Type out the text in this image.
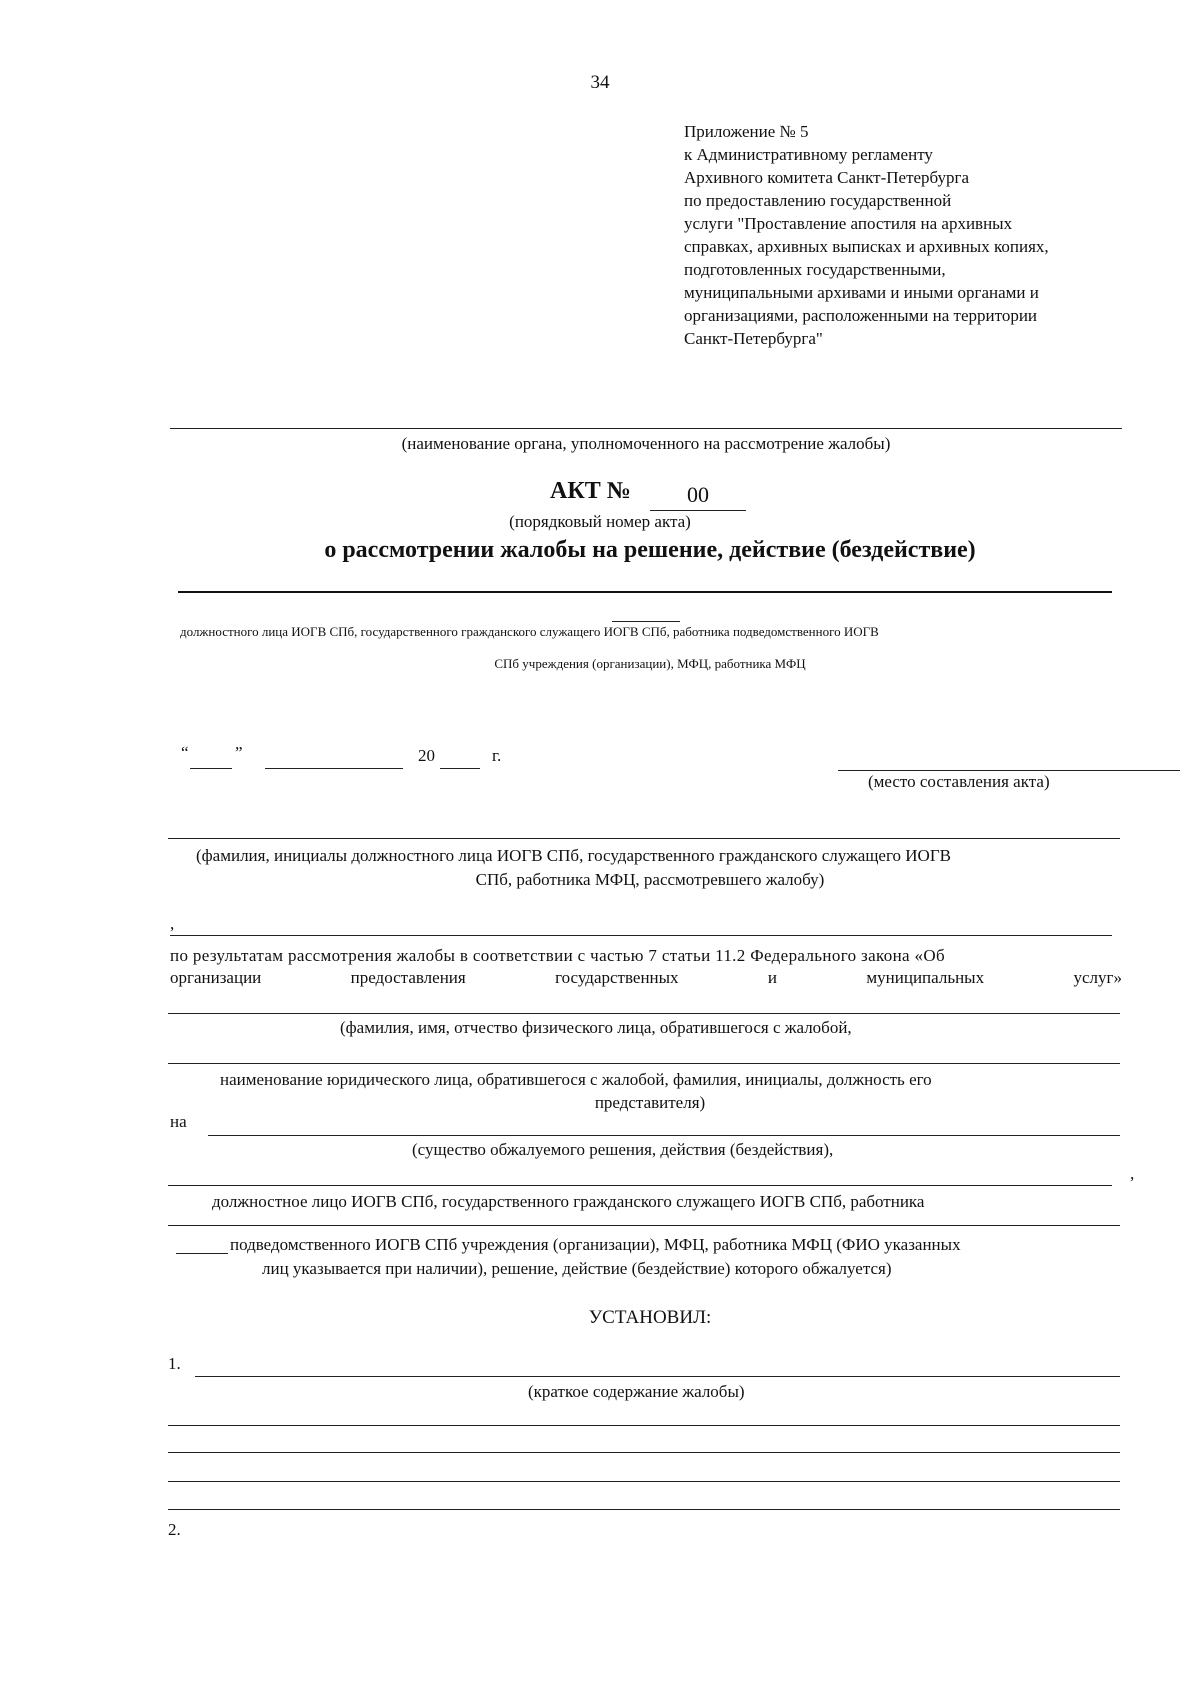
34
Приложение № 5
к Административному регламенту
Архивного комитета Санкт-Петербурга
по предоставлению государственной
услуги "Проставление апостиля на архивных
справках, архивных выписках и архивных копиях,
подготовленных государственными,
муниципальными архивами и иными органами и
организациями, расположенными на территории
Санкт-Петербурга"
(наименование органа, уполномоченного на рассмотрение жалобы)
АКТ №	00
(порядковый номер акта)
о рассмотрении жалобы на решение, действие (бездействие)
должностного лица ИОГВ СПб, государственного гражданского служащего ИОГВ СПб, работника подведомственного ИОГВ
СПб учреждения (организации), МФЦ, работника МФЦ
“	”	20	г.
(место составления акта)
(фамилия, инициалы должностного лица ИОГВ СПб, государственного гражданского служащего ИОГВ
СПб, работника МФЦ, рассмотревшего жалобу)
,
по результатам рассмотрения жалобы в соответствии с частью 7 статьи 11.2 Федерального закона «Об
организации	предоставления	государственных	и	муниципальных	услуг»
(фамилия, имя, отчество физического лица, обратившегося с жалобой,
наименование юридического лица, обратившегося с жалобой, фамилия, инициалы, должность его
представителя)
на
(существо обжалуемого решения, действия (бездействия),
,
должностное лицо ИОГВ СПб, государственного гражданского служащего ИОГВ СПб, работника
подведомственного ИОГВ СПб учреждения (организации), МФЦ, работника МФЦ (ФИО указанных
лиц указывается при наличии), решение, действие (бездействие) которого обжалуется)
УСТАНОВИЛ:
1.
(краткое содержание жалобы)
2.
